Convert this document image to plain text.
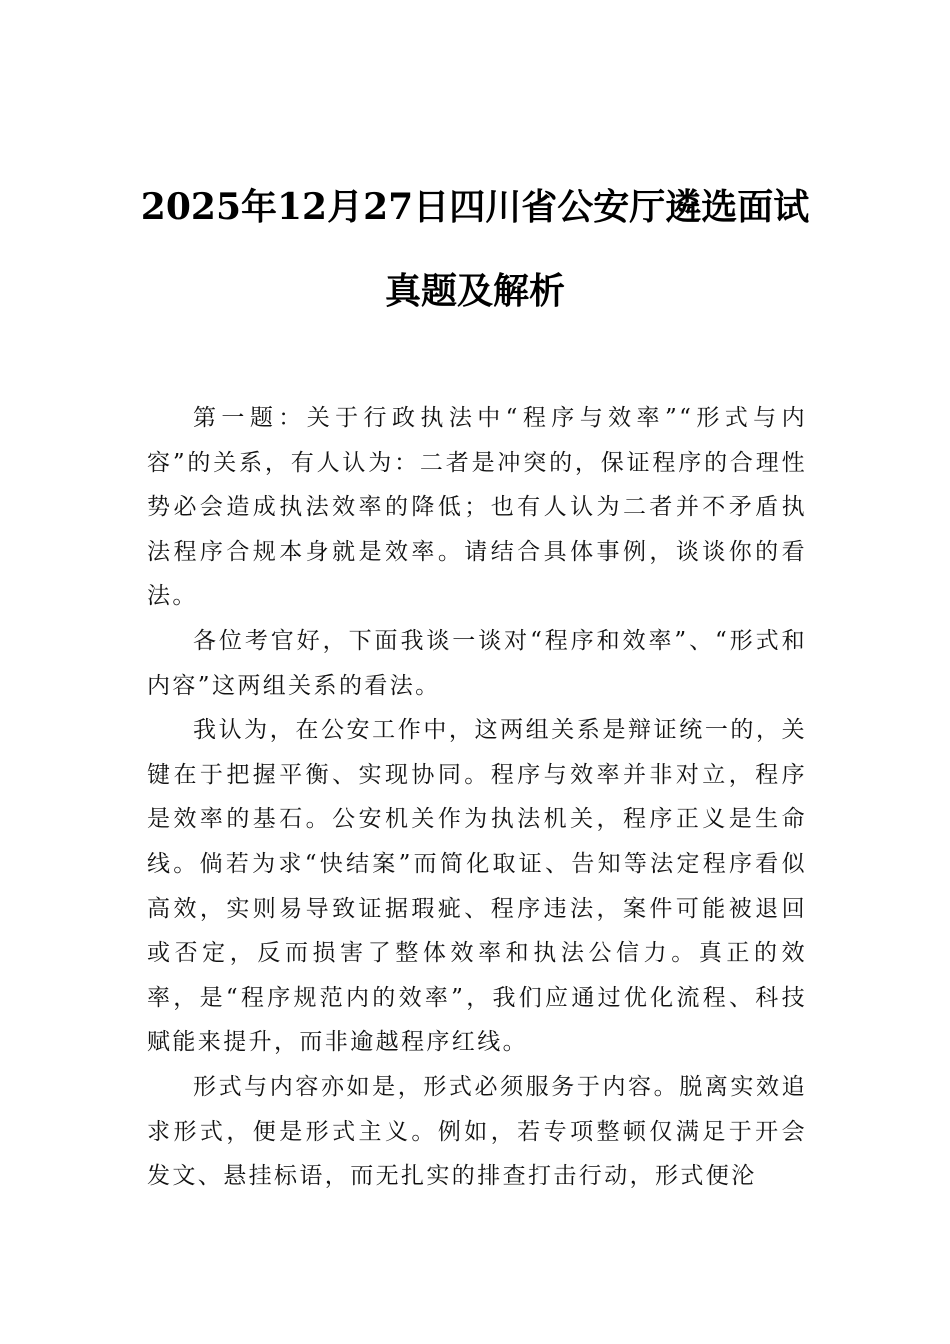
2025年12月27日四川省公安厅遴选面试
真题及解析

第一题：关于行政执法中“程序与效率”“形式与内容”的关系，有人认为：二者是冲突的，保证程序的合理性势必会造成执法效率的降低；也有人认为二者并不矛盾执法程序合规本身就是效率。请结合具体事例，谈谈你的看法。

各位考官好，下面我谈一谈对“程序和效率”、“形式和内容”这两组关系的看法。

我认为，在公安工作中，这两组关系是辩证统一的，关键在于把握平衡、实现协同。程序与效率并非对立，程序是效率的基石。公安机关作为执法机关，程序正义是生命线。倘若为求“快结案”而简化取证、告知等法定程序看似高效，实则易导致证据瑕疵、程序违法，案件可能被退回或否定，反而损害了整体效率和执法公信力。真正的效率，是“程序规范内的效率”，我们应通过优化流程、科技赋能来提升，而非逾越程序红线。

形式与内容亦如是，形式必须服务于内容。脱离实效追求形式，便是形式主义。例如，若专项整顿仅满足于开会发文、悬挂标语，而无扎实的排查打击行动，形式便沦
